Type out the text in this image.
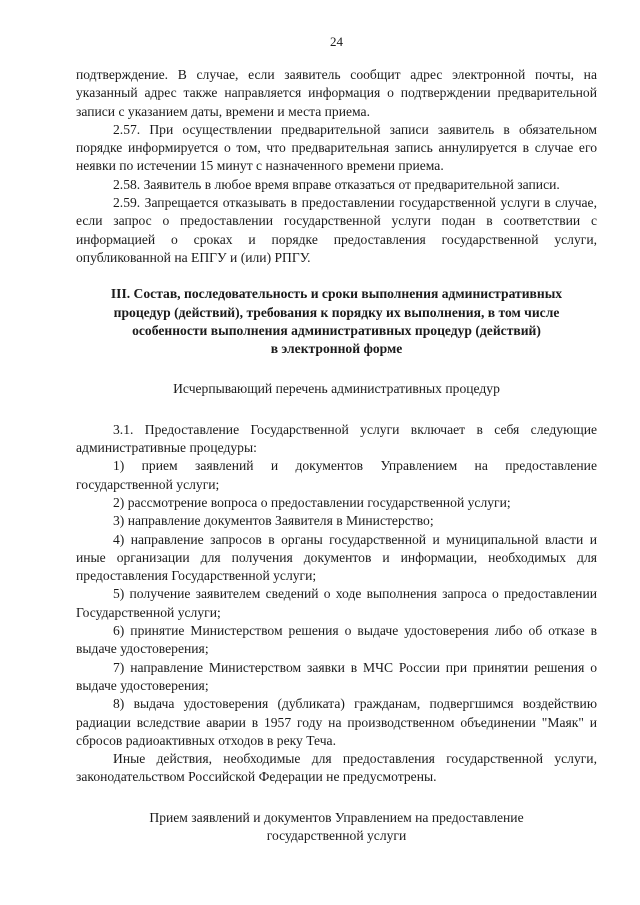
24

подтверждение. В случае, если заявитель сообщит адрес электронной почты, на указанный адрес также направляется информация о подтверждении предварительной записи с указанием даты, времени и места приема.

2.57. При осуществлении предварительной записи заявитель в обязательном порядке информируется о том, что предварительная запись аннулируется в случае его неявки по истечении 15 минут с назначенного времени приема.

2.58. Заявитель в любое время вправе отказаться от предварительной записи.

2.59. Запрещается отказывать в предоставлении государственной услуги в случае, если запрос о предоставлении государственной услуги подан в соответствии с информацией о сроках и порядке предоставления государственной услуги, опубликованной на ЕПГУ и (или) РПГУ.

III. Состав, последовательность и сроки выполнения административных
процедур (действий), требования к порядку их выполнения, в том числе
особенности выполнения административных процедур (действий)
в электронной форме
Исчерпывающий перечень административных процедур

3.1. Предоставление Государственной услуги включает в себя следующие административные процедуры:

1) прием заявлений и документов Управлением на предоставление государственной услуги;

2) рассмотрение вопроса о предоставлении государственной услуги;

3) направление документов Заявителя в Министерство;

4) направление запросов в органы государственной и муниципальной власти и иные организации для получения документов и информации, необходимых для предоставления Государственной услуги;

5) получение заявителем сведений о ходе выполнения запроса о предоставлении Государственной услуги;

6) принятие Министерством решения о выдаче удостоверения либо об отказе в выдаче удостоверения;

7) направление Министерством заявки в МЧС России при принятии решения о выдаче удостоверения;

8) выдача удостоверения (дубликата) гражданам, подвергшимся воздействию радиации вследствие аварии в 1957 году на производственном объединении "Маяк" и сбросов радиоактивных отходов в реку Теча.

Иные действия, необходимые для предоставления государственной услуги, законодательством Российской Федерации не предусмотрены.

Прием заявлений и документов Управлением на предоставление
государственной услуги
